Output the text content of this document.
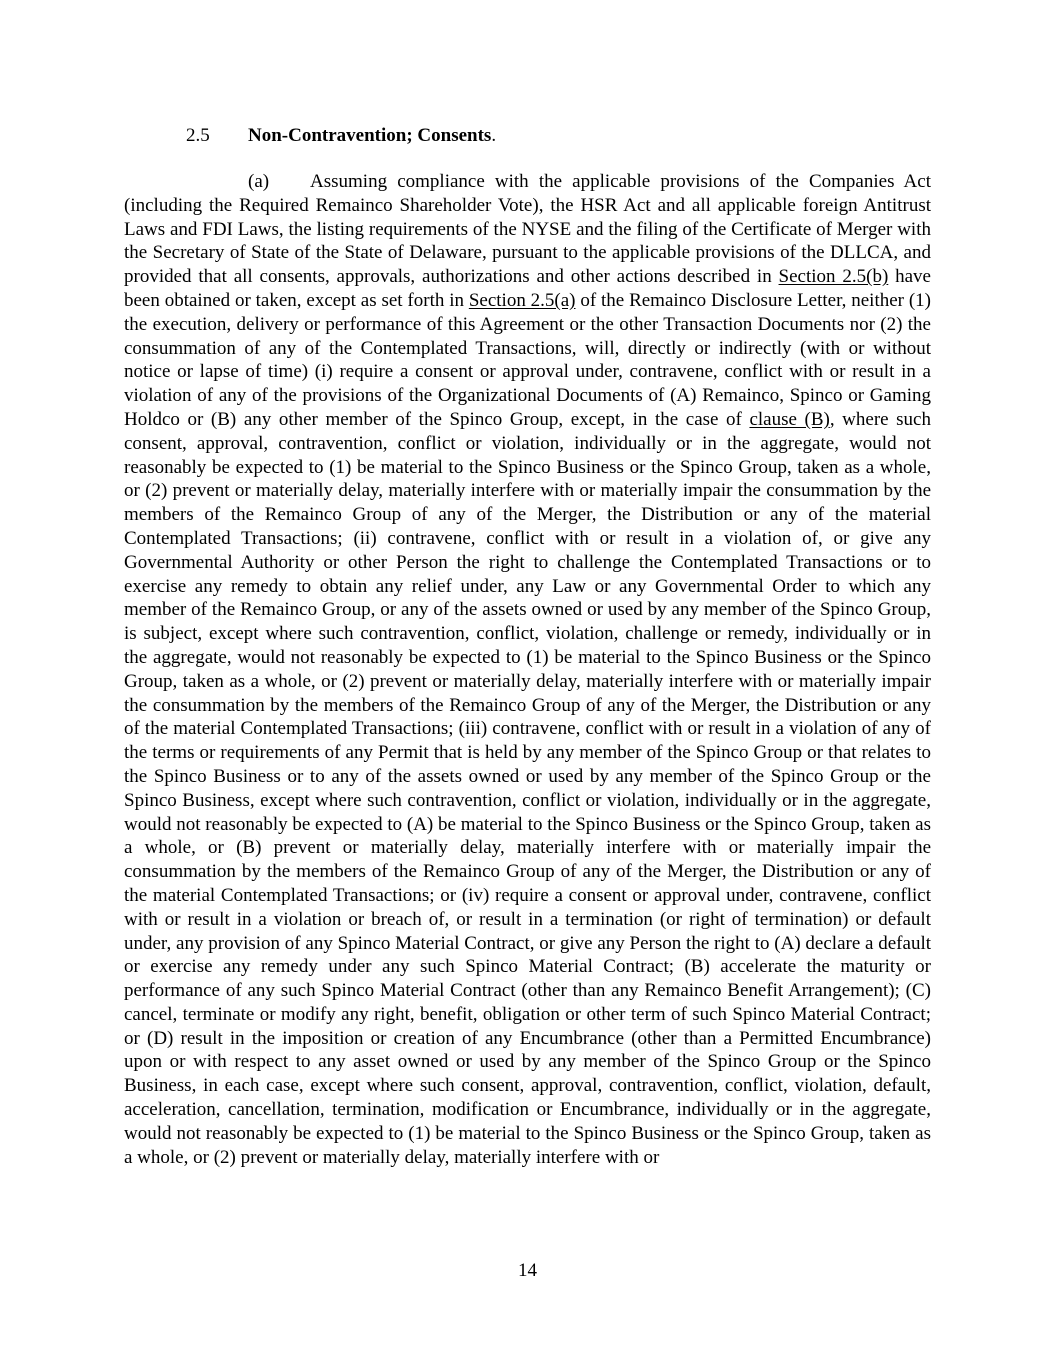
2.5 Non-Contravention; Consents.

(a) Assuming compliance with the applicable provisions of the Companies Act (including the Required Remainco Shareholder Vote), the HSR Act and all applicable foreign Antitrust Laws and FDI Laws, the listing requirements of the NYSE and the filing of the Certificate of Merger with the Secretary of State of the State of Delaware, pursuant to the applicable provisions of the DLLCA, and provided that all consents, approvals, authorizations and other actions described in Section 2.5(b) have been obtained or taken, except as set forth in Section 2.5(a) of the Remainco Disclosure Letter, neither (1) the execution, delivery or performance of this Agreement or the other Transaction Documents nor (2) the consummation of any of the Contemplated Transactions, will, directly or indirectly (with or without notice or lapse of time) (i) require a consent or approval under, contravene, conflict with or result in a violation of any of the provisions of the Organizational Documents of (A) Remainco, Spinco or Gaming Holdco or (B) any other member of the Spinco Group, except, in the case of clause (B), where such consent, approval, contravention, conflict or violation, individually or in the aggregate, would not reasonably be expected to (1) be material to the Spinco Business or the Spinco Group, taken as a whole, or (2) prevent or materially delay, materially interfere with or materially impair the consummation by the members of the Remainco Group of any of the Merger, the Distribution or any of the material Contemplated Transactions; (ii) contravene, conflict with or result in a violation of, or give any Governmental Authority or other Person the right to challenge the Contemplated Transactions or to exercise any remedy to obtain any relief under, any Law or any Governmental Order to which any member of the Remainco Group, or any of the assets owned or used by any member of the Spinco Group, is subject, except where such contravention, conflict, violation, challenge or remedy, individually or in the aggregate, would not reasonably be expected to (1) be material to the Spinco Business or the Spinco Group, taken as a whole, or (2) prevent or materially delay, materially interfere with or materially impair the consummation by the members of the Remainco Group of any of the Merger, the Distribution or any of the material Contemplated Transactions; (iii) contravene, conflict with or result in a violation of any of the terms or requirements of any Permit that is held by any member of the Spinco Group or that relates to the Spinco Business or to any of the assets owned or used by any member of the Spinco Group or the Spinco Business, except where such contravention, conflict or violation, individually or in the aggregate, would not reasonably be expected to (A) be material to the Spinco Business or the Spinco Group, taken as a whole, or (B) prevent or materially delay, materially interfere with or materially impair the consummation by the members of the Remainco Group of any of the Merger, the Distribution or any of the material Contemplated Transactions; or (iv) require a consent or approval under, contravene, conflict with or result in a violation or breach of, or result in a termination (or right of termination) or default under, any provision of any Spinco Material Contract, or give any Person the right to (A) declare a default or exercise any remedy under any such Spinco Material Contract; (B) accelerate the maturity or performance of any such Spinco Material Contract (other than any Remainco Benefit Arrangement); (C) cancel, terminate or modify any right, benefit, obligation or other term of such Spinco Material Contract; or (D) result in the imposition or creation of any Encumbrance (other than a Permitted Encumbrance) upon or with respect to any asset owned or used by any member of the Spinco Group or the Spinco Business, in each case, except where such consent, approval, contravention, conflict, violation, default, acceleration, cancellation, termination, modification or Encumbrance, individually or in the aggregate, would not reasonably be expected to (1) be material to the Spinco Business or the Spinco Group, taken as a whole, or (2) prevent or materially delay, materially interfere with or

14
